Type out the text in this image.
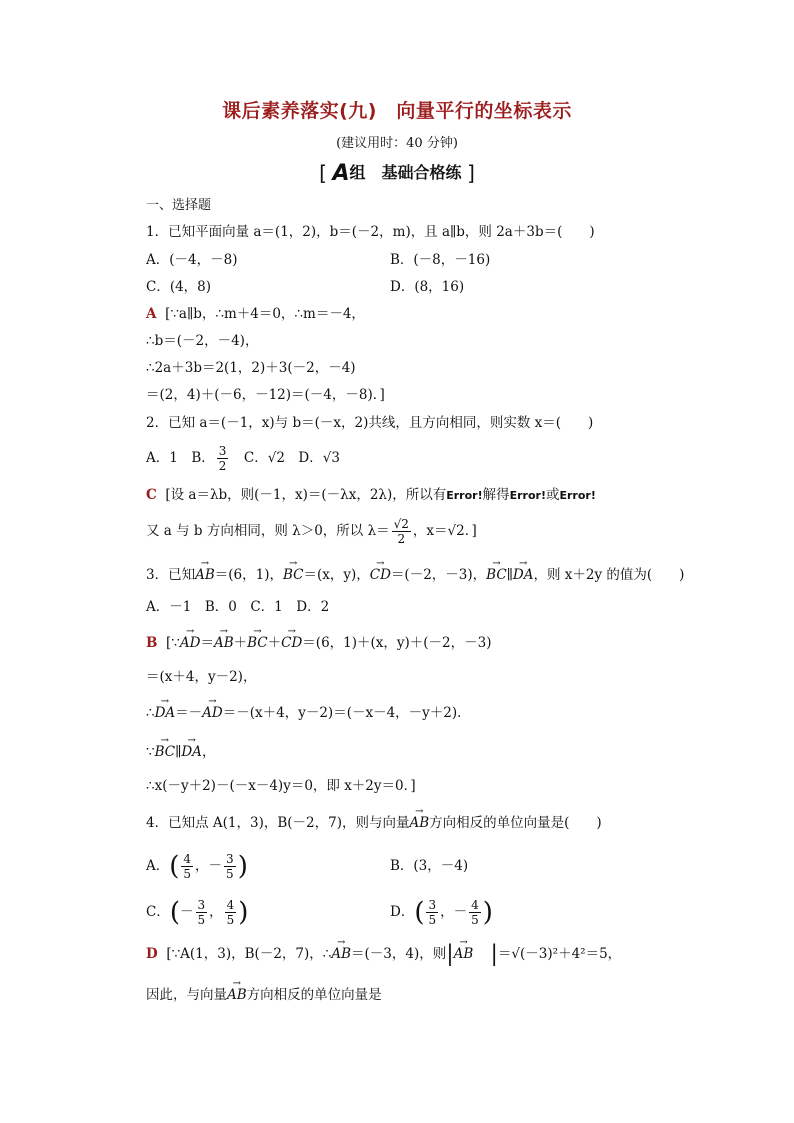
课后素养落实(九)　向量平行的坐标表示
(建议用时：40 分钟)
[ A组　基础合格练 ]
一、选择题
1．已知平面向量 a＝(1，2)，b＝(－2，m)，且 a∥b，则 2a＋3b＝(　　)
A．(－4，－8)	B．(－8，－16)
C．(4，8)	D．(8，16)
A [∵a∥b，∴m＋4＝0，∴m＝－4，
∴b＝(－2，－4)，
∴2a＋3b＝2(1，2)＋3(－2，－4)
＝(2，4)＋(－6，－12)＝(－4，－8)．]
2．已知 a＝(－1，x)与 b＝(－x，2)共线，且方向相同，则实数 x＝(　　)
A．1　B． $\frac{3}{2}$ 　C．√2　D．√3
C [设 a＝λb，则(－1，x)＝(－λx，2λ)，所以有Error!解得Error!或Error!
又 a 与 b 方向相同，则 λ＞0，所以 $\lambda= \frac{√2}{2}$ ，x＝√2．]
3．已知→ AB＝(6，1)，→ BC＝(x，y)，→ CD＝(－2，－3)，→ BC∥→ DA，则 x＋2y 的值为(　　)
A．－1　B．0　C．1　D．2
B [∵→ AD＝→ AB＋→ BC＋→ CD＝(6，1)＋(x，y)＋(－2，－3)
＝(x＋4，y－2)，
∴→ DA＝－→ AD＝－(x＋4，y－2)＝(－x－4，－y＋2)．
∵→ BC∥→ DA，
∴x(－y＋2)－(－x－4)y＝0，即 x＋2y＝0．]
4．已知点 A(1，3)，B(－2，7)，则与向量→ AB方向相反的单位向量是(　　)
A．( $\frac{4}{5}$ ，－ $\frac{3}{5}$ )	B．(3，－4)
C．(－ $\frac{3}{5}$ ， $\frac{4}{5}$ )	D．( $\frac{3}{5}$ ，－ $\frac{4}{5}$ )
D [∵A(1，3)，B(－2，7)，∴→ AB＝(－3，4)，则|→ AB |＝√(－3)²＋4²＝5，
因此，与向量→ AB方向相反的单位向量是
